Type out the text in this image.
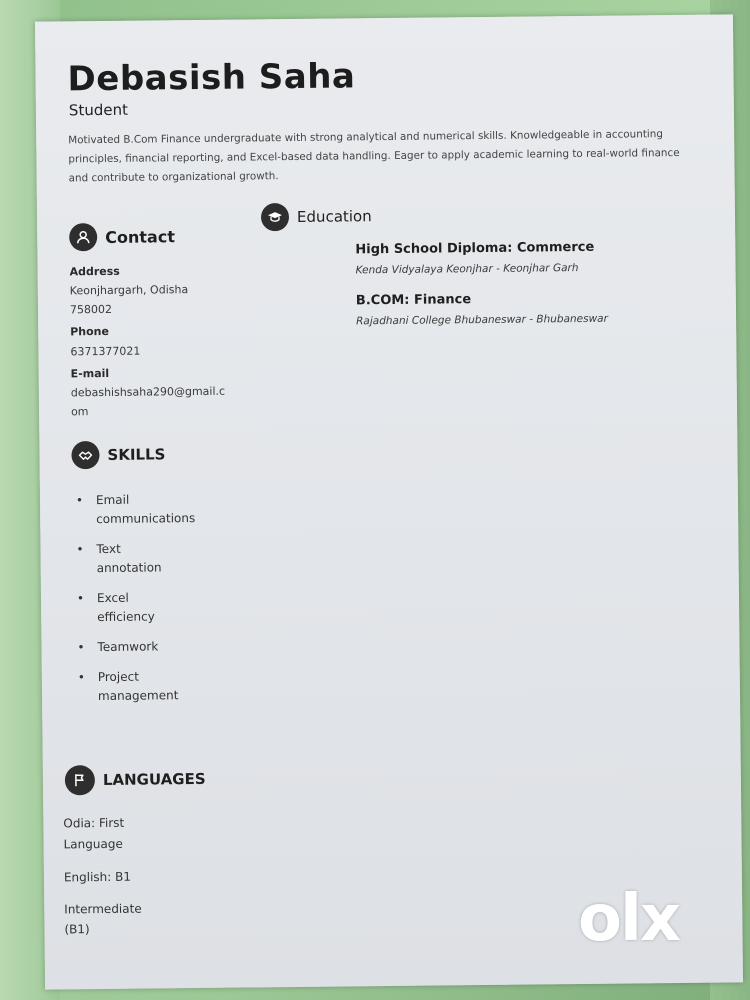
Debasish Saha
Student
Motivated B.Com Finance undergraduate with strong analytical and numerical skills. Knowledgeable in accounting principles, financial reporting, and Excel-based data handling. Eager to apply academic learning to real-world finance and contribute to organizational growth.
Contact
Address
Keonjhargarh, Odisha
758002
Phone
6371377021
E-mail
debashishsaha290@gmail.c
om
SKILLS
• Email communications
• Text annotation
• Excel efficiency
• Teamwork
• Project management
LANGUAGES
Odia: First
Language
English: B1
Intermediate
(B1)
Education
High School Diploma: Commerce
Kenda Vidyalaya Keonjhar - Keonjhar Garh
B.COM: Finance
Rajadhani College Bhubaneswar - Bhubaneswar
olx
